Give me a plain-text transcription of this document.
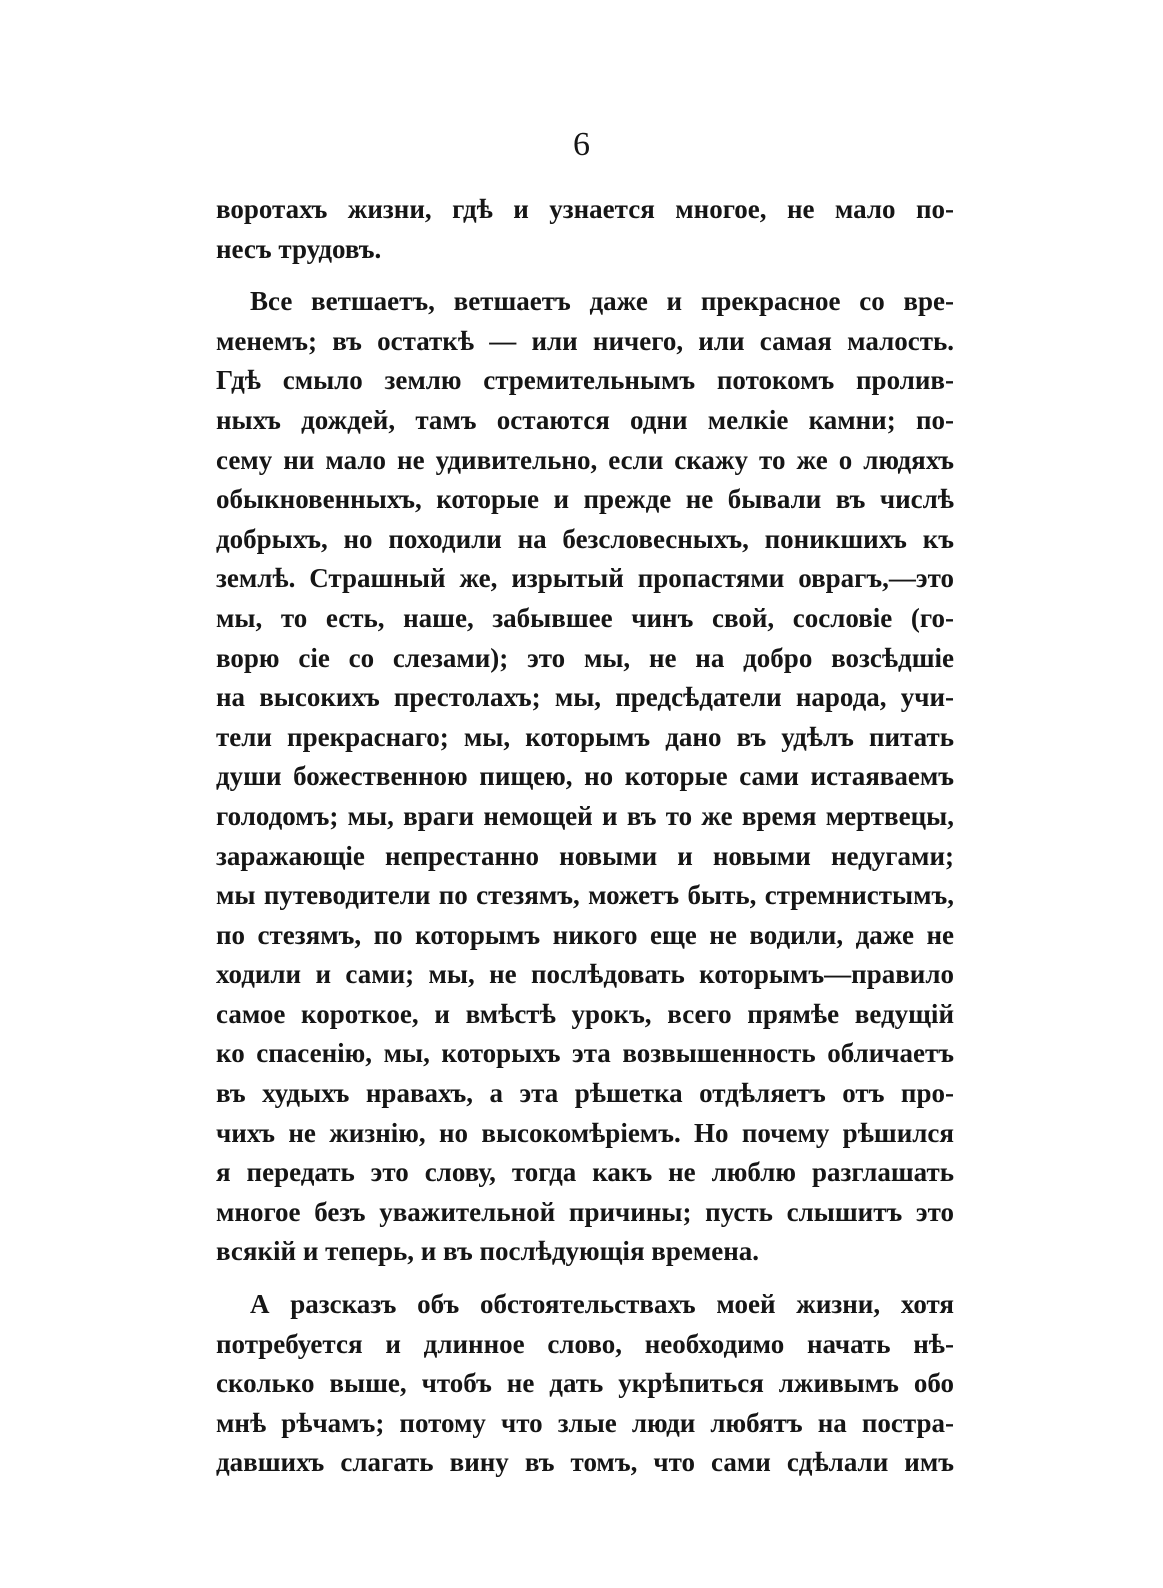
6
воротахъ жизни, гдѣ и узнается многое, не мало по-
несъ трудовъ.
Все ветшаетъ, ветшаетъ даже и прекрасное со вре-
менемъ; въ остаткѣ — или ничего, или самая малость.
Гдѣ смыло землю стремительнымъ потокомъ пролив-
ныхъ дождей, тамъ остаются одни мелкіе камни; по-
сему ни мало не удивительно, если скажу то же о людяхъ
обыкновенныхъ, которые и прежде не бывали въ числѣ
добрыхъ, но походили на безсловесныхъ, поникшихъ къ
землѣ. Страшный же, изрытый пропастями оврагъ,—это
мы, то есть, наше, забывшее чинъ свой, сословіе (го-
ворю сіе со слезами); это мы, не на добро возсѣдшіе
на высокихъ престолахъ; мы, предсѣдатели народа, учи-
тели прекраснаго; мы, которымъ дано въ удѣлъ питать
души божественною пищею, но которые сами истаяваемъ
голодомъ; мы, враги немощей и въ то же время мертвецы,
заражающіе непрестанно новыми и новыми недугами;
мы путеводители по стезямъ, можетъ быть, стремнистымъ,
по стезямъ, по которымъ никого еще не водили, даже не
ходили и сами; мы, не послѣдовать которымъ—правило
самое короткое, и вмѣстѣ урокъ, всего прямѣе ведущій
ко спасенію, мы, которыхъ эта возвышенность обличаетъ
въ худыхъ нравахъ, а эта рѣшетка отдѣляетъ отъ про-
чихъ не жизнію, но высокомѣріемъ. Но почему рѣшился
я передать это слову, тогда какъ не люблю разглашать
многое безъ уважительной причины; пусть слышитъ это
всякій и теперь, и въ послѣдующія времена.
А разсказъ объ обстоятельствахъ моей жизни, хотя
потребуется и длинное слово, необходимо начать нѣ-
сколько выше, чтобъ не дать укрѣпиться лживымъ обо
мнѣ рѣчамъ; потому что злые люди любятъ на постра-
давшихъ слагать вину въ томъ, что сами сдѣлали имъ
